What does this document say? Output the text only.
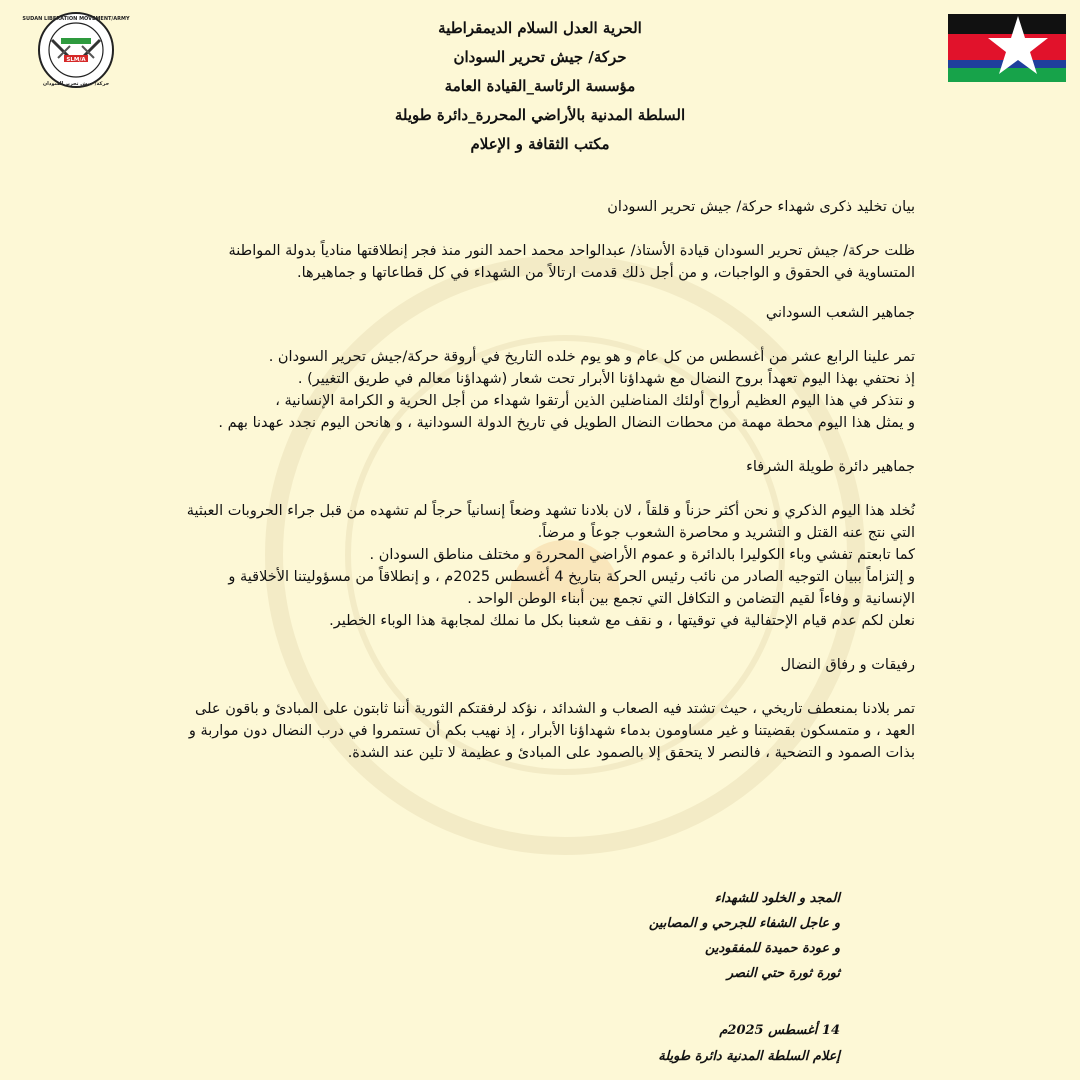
SLM/A
SUDAN LIBERATION MOVEMENT/ARMY
حركة/ جيش تحرير السودان
الحرية العدل السلام الديمقراطية
حركة/ جيش تحرير السودان
مؤسسة الرئاسة_القيادة العامة
السلطة المدنية بالأراضي المحررة_دائرة طويلة
مكتب الثقافة و الإعلام

بيان تخليد ذكرى شهداء حركة/ جيش تحرير السودان

ظلت حركة/ جيش تحرير السودان قيادة الأستاذ/ عبدالواحد محمد احمد النور منذ فجر إنطلاقتها منادياً بدولة المواطنة المتساوية في الحقوق و الواجبات، و من أجل ذلك قدمت ارتالاً من الشهداء في كل قطاعاتها و جماهيرها.

جماهير الشعب السوداني

تمر علينا الرابع عشر من أغسطس من كل عام و هو يوم خلده التاريخ في أروقة حركة/جيش تحرير السودان .

إذ نحتفي بهذا اليوم تعهداً بروح النضال مع شهداؤنا الأبرار تحت شعار (شهداؤنا معالم في طريق التغيير) .

و نتذكر في هذا اليوم العظيم أرواح أولئك المناضلين الذين أرتقوا شهداء من أجل الحرية و الكرامة الإنسانية ،

و يمثل هذا اليوم محطة مهمة من محطات النضال الطويل في تاريخ الدولة السودانية ، و هانحن اليوم نجدد عهدنا بهم .

جماهير دائرة طويلة الشرفاء

نُخلد هذا اليوم الذكري و نحن أكثر حزناً و قلقاً ، لان بلادنا تشهد وضعاً إنسانياً حرجاً لم تشهده من قبل جراء الحروبات العبثية التي نتج عنه القتل و التشريد و محاصرة الشعوب جوعاً و مرضاً.

كما تابعتم تفشي وباء الكوليرا بالدائرة و عموم الأراضي المحررة و مختلف مناطق السودان .

و إلتزاماً ببيان التوجيه الصادر من نائب رئيس الحركة بتاريخ 4 أغسطس 2025م ، و إنطلاقاً من مسؤوليتنا الأخلاقية و الإنسانية و وفاءاً لقيم التضامن و التكافل التي تجمع بين أبناء الوطن الواحد .

نعلن لكم عدم قيام الإحتفالية في توقيتها ، و نقف مع شعبنا بكل ما نملك لمجابهة هذا الوباء الخطير.

رفيقات و رفاق النضال

تمر بلادنا بمنعطف تاريخي ، حيث تشتد فيه الصعاب و الشدائد ، نؤكد لرفقتكم الثورية أننا ثابتون على المبادئ و باقون على العهد ، و متمسكون بقضيتنا و غير مساومون بدماء شهداؤنا الأبرار ، إذ نهيب بكم أن تستمروا في درب النضال دون مواربة و بذات الصمود و التضحية ، فالنصر لا يتحقق إلا بالصمود على المبادئ و عظيمة لا تلين عند الشدة.

المجد و الخلود للشهداء
و عاجل الشفاء للجرحي و المصابين
و عودة حميدة للمفقودين
ثورة ثورة حتي النصر
14 أغسطس 2025م
إعلام السلطة المدنية دائرة طويلة
